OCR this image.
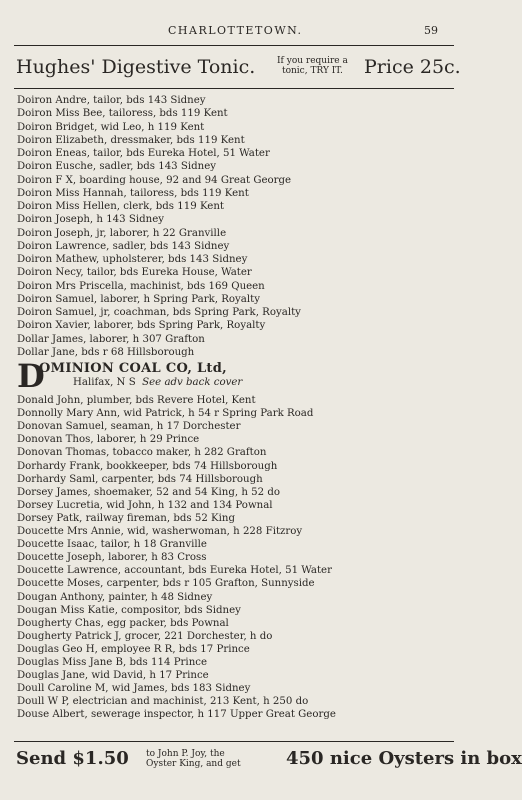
CHARLOTTETOWN.	59
Hughes' Digestive Tonic. If you require a
tonic, TRY IT. Price 25c.
Doiron Andre, tailor, bds 143 Sidney
Doiron Miss Bee, tailoress, bds 119 Kent
Doiron Bridget, wid Leo, h 119 Kent
Doiron Elizabeth, dressmaker, bds 119 Kent
Doiron Eneas, tailor, bds Eureka Hotel, 51 Water
Doiron Eusche, sadler, bds 143 Sidney
Doiron F X, boarding house, 92 and 94 Great George
Doiron Miss Hannah, tailoress, bds 119 Kent
Doiron Miss Hellen, clerk, bds 119 Kent
Doiron Joseph, h 143 Sidney
Doiron Joseph, jr, laborer, h 22 Granville
Doiron Lawrence, sadler, bds 143 Sidney
Doiron Mathew, upholsterer, bds 143 Sidney
Doiron Necy, tailor, bds Eureka House, Water
Doiron Mrs Priscella, machinist, bds 169 Queen
Doiron Samuel, laborer, h Spring Park, Royalty
Doiron Samuel, jr, coachman, bds Spring Park, Royalty
Doiron Xavier, laborer, bds Spring Park, Royalty
Dollar James, laborer, h 307 Grafton
Dollar Jane, bds r 68 Hillsborough
D
OMINION COAL CO, Ltd,
Halifax, N S See adv back cover
Donald John, plumber, bds Revere Hotel, Kent
Donnolly Mary Ann, wid Patrick, h 54 r Spring Park Road
Donovan Samuel, seaman, h 17 Dorchester
Donovan Thos, laborer, h 29 Prince
Donovan Thomas, tobacco maker, h 282 Grafton
Dorhardy Frank, bookkeeper, bds 74 Hillsborough
Dorhardy Saml, carpenter, bds 74 Hillsborough
Dorsey James, shoemaker, 52 and 54 King, h 52 do
Dorsey Lucretia, wid John, h 132 and 134 Pownal
Dorsey Patk, railway fireman, bds 52 King
Doucette Mrs Annie, wid, washerwoman, h 228 Fitzroy
Doucette Isaac, tailor, h 18 Granville
Doucette Joseph, laborer, h 83 Cross
Doucette Lawrence, accountant, bds Eureka Hotel, 51 Water
Doucette Moses, carpenter, bds r 105 Grafton, Sunnyside
Dougan Anthony, painter, h 48 Sidney
Dougan Miss Katie, compositor, bds Sidney
Dougherty Chas, egg packer, bds Pownal
Dougherty Patrick J, grocer, 221 Dorchester, h do
Douglas Geo H, employee R R, bds 17 Prince
Douglas Miss Jane B, bds 114 Prince
Douglas Jane, wid David, h 17 Prince
Doull Caroline M, wid James, bds 183 Sidney
Doull W P, electrician and machinist, 213 Kent, h 250 do
Douse Albert, sewerage inspector, h 117 Upper Great George
Send $1.50 to John P. Joy, the
Oyster King, and get	450 nice Oysters in box
